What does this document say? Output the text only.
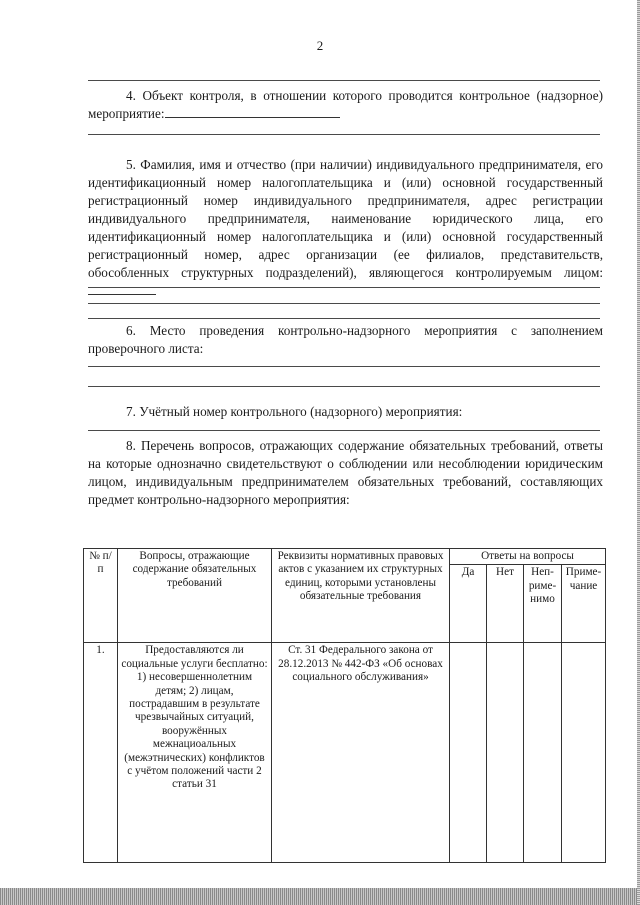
2

4. Объект контроля, в отношении которого проводится контрольное (надзорное) мероприятие:

5. Фамилия, имя и отчество (при наличии) индивидуального предпринимателя, его идентификационный номер налогоплательщика и (или) основной государственный регистрационный номер индивидуального предпринимателя, адрес регистрации индивидуального предпринимателя, наименование юридического лица, его идентификационный номер налогоплательщика и (или) основной государственный регистрационный номер, адрес организации (ее филиалов, представительств, обособленных структурных подразделений), являющегося контролируемым лицом:

6. Место проведения контрольно-надзорного мероприятия с заполнением проверочного листа:

7. Учётный номер контрольного (надзорного) мероприятия:

8. Перечень вопросов, отражающих содержание обязательных требований, ответы на которые однозначно свидетельствуют о соблюдении или несоблюдении юридическим лицом, индивидуальным предпринимателем обязательных требований, составляющих предмет контрольно-надзорного мероприятия:

№ п/п	Вопросы, отражающие содержание обязательных требований	Реквизиты нормативных правовых актов с указанием их структурных единиц, которыми установлены обязательные требования	Ответы на вопросы			
			Да	Нет	Неп-риме-нимо	Приме-чание
1.	Предоставляются ли социальные услуги бесплатно: 1) несовершеннолетним детям; 2) лицам, пострадавшим в результате чрезвычайных ситуаций, вооружённых межнациоальных (межэтнических) конфликтов с учётом положений части 2 статьи 31	Ст. 31 Федерального закона от 28.12.2013 № 442-ФЗ «Об основах социального обслуживания»				
